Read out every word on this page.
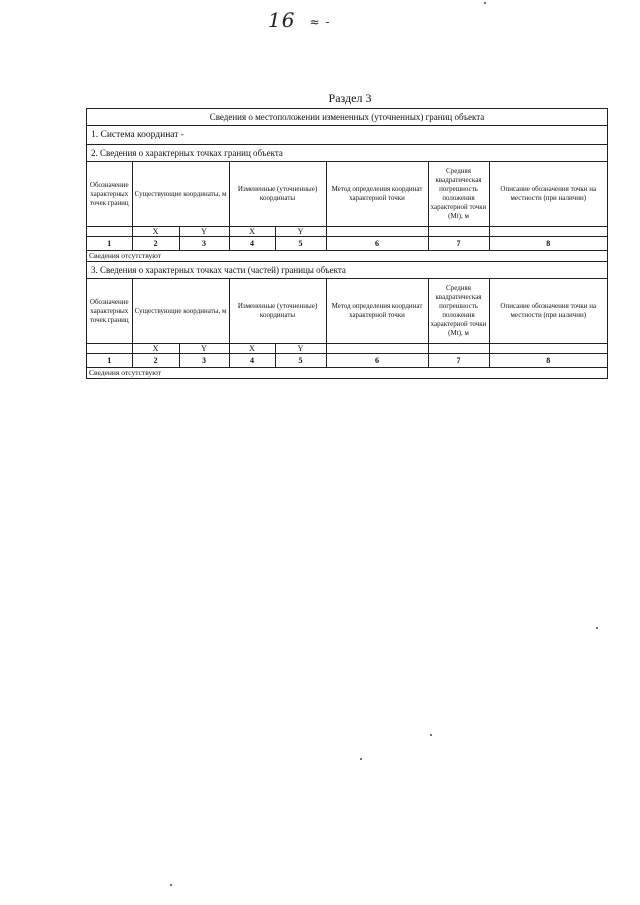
16 ≈ -
Раздел 3
Сведения о местоположении измененных (уточненных) границ объекта
1. Система координат -
2. Сведения о характерных точках границ объекта
Обозначение характерных точек границ	Существующие координаты, м		Измененные (уточненные) координаты		Метод определения координат характерной точки	Средняя квадратическая погрешность положения характерной точки (Mt), м	Описание обозначения точки на местности (при наличии)
	X	Y	X	Y			
1	2	3	4	5	6	7	8
Сведения отсутствуют
3. Сведения о характерных точках части (частей) границы объекта
Обозначение характерных точек границ	Существующие координаты, м		Измененные (уточненные) координаты		Метод определения координат характерной точки	Средняя квадратическая погрешность положения характерной точки (Mt), м	Описание обозначения точки на местности (при наличии)
	X	Y	X	Y			
1	2	3	4	5	6	7	8
Сведения отсутствуют
